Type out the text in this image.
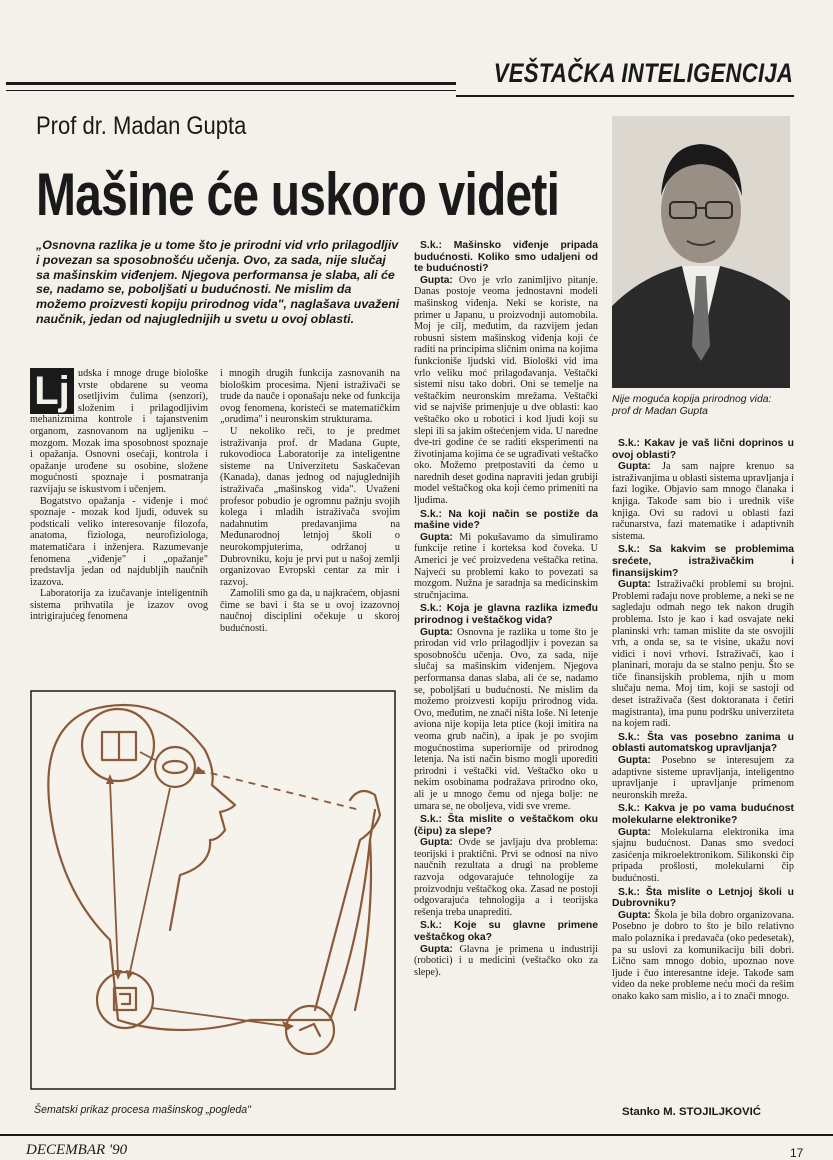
VEŠTAČKA INTELIGENCIJA
Prof dr. Madan Gupta
Mašine će uskoro videti
„Osnovna razlika je u tome što je prirodni vid vrlo prilagodljiv i povezan sa sposobnošću učenja. Ovo, za sada, nije slučaj sa mašinskim viđenjem. Njegova performansa je slaba, ali će se, nadamo se, poboljšati u budućnosti. Ne mislim da možemo proizvesti kopiju prirodnog vida", naglašava uvaženi naučnik, jedan od najuglednijih u svetu u ovoj oblasti.
Lj udska i mnoge druge biološke vrste obdarene su veoma osetljivim čulima (senzori), složenim i prilagodljivim mehanizmima kontrole i tajanstvenim organom, zasnovanom na ugljeniku – mozgom. Mozak ima sposobnost spoznaje i opažanja. Osnovni osećaji, kontrola i opažanje urođene su osobine, složene mogućnosti spoznaje i posmatranja razvijaju se iskustvom i učenjem.

Bogatstvo opažanja - viđenje i moć spoznaje - mozak kod ljudi, oduvek su podsticali veliko interesovanje filozofa, anatoma, fiziologa, neurofiziologa, matematičara i inženjera. Razumevanje fenomena „viđenje" i „opažanje" predstavlja jedan od najdubljih naučnih izazova.

Laboratorija za izučavanje inteligentnih sistema prihvatila je izazov ovog intrigirajućeg fenomena

i mnogih drugih funkcija zasnovanih na biološkim procesima. Njeni istraživači se trude da nauče i oponašaju neke od funkcija ovog fenomena, koristeći se matematičkim „orudima" i neuronskim strukturama.

U nekoliko reči, to je predmet istraživanja prof. dr Madana Gupte, rukovodioca Laboratorije za inteligentne sisteme na Univerzitetu Saskačevan (Kanada), danas jednog od najuglednijih istraživača „mašinskog vida". Uvaženi profesor pobudio je ogromnu pažnju svojih kolega i mladih istraživača svojim nadahnutim predavanjima na Međunarodnoj letnjoj školi o neurokompjuterima, održanoj u Dubrovniku, koju je prvi put u našoj zemlji organizovao Evropski centar za mir i razvoj.

Zamolili smo ga da, u najkraćem, objasni čime se bavi i šta se u ovoj izazovnoj naučnoj disciplini očekuje u skoroj budućnosti.

S.k.: Mašinsko viđenje pripada budućnosti. Koliko smo udaljeni od te budućnosti?

Gupta: Ovo je vrlo zanimljivo pitanje. Danas postoje veoma jednostavni modeli mašinskog viđenja. Neki se koriste, na primer u Japanu, u proizvodnji automobila. Moj je cilj, međutim, da razvijem jedan robusni sistem mašinskog viđenja koji će raditi na principima sličnim onima na kojima funkcioniše ljudski vid. Biološki vid ima vrlo veliku moć prilagođavanja. Veštački sistemi nisu tako dobri. Oni se temelje na veštačkim neuronskim mrežama. Veštački vid se najviše primenjuje u dve oblasti: kao veštačko oko u robotici i kod ljudi koji su slepi ili sa jakim oštećenjem vida. U naredne dve-tri godine će se raditi eksperimenti na životinjama kojima će se ugrađivati veštačko oko. Možemo pretpostaviti da ćemo u narednih deset godina napraviti jedan grubiji model veštačkog oka koji ćemo primeniti na ljudima.

S.k.: Na koji način se postiže da mašine vide?

Gupta: Mi pokušavamo da simuliramo funkcije retine i korteksa kod čoveka. U Americi je već proizvedena veštačka retina. Najveći su problemi kako to povezati sa mozgom. Nužna je saradnja sa medicinskim stručnjacima.

S.k.: Koja je glavna razlika između prirodnog i veštačkog vida?

Gupta: Osnovna je razlika u tome što je prirodan vid vrlo prilagodljiv i povezan sa sposobnošću učenja. Ovo, za sada, nije slučaj sa mašinskim viđenjem. Njegova performansa danas slaba, ali će se, nadamo se, poboljšati u budućnosti. Ne mislim da možemo proizvesti kopiju prirodnog vida. Ovo, međutim, ne znači ništa loše. Ni letenje aviona nije kopija leta ptice (koji imitira na veoma grub način), a ipak je po svojim mogućnostima superiornije od prirodnog letenja. Na isti način bismo mogli uporediti prirodni i veštački vid. Veštačko oko u nekim osobinama podražava prirodno oko, ali je u mnogo čemu od njega bolje: ne umara se, ne oboljeva, vidi sve vreme.

S.k.: Šta mislite o veštačkom oku (čipu) za slepe?

Gupta: Ovde se javljaju dva problema: teorijski i praktični. Prvi se odnosi na nivo naučnih rezultata a drugi na probleme razvoja odgovarajuće tehnologije za proizvodnju veštačkog oka. Zasad ne postoji odgovarajuća tehnologija a i teorijska rešenja treba unaprediti.

S.k.: Koje su glavne primene veštačkog oka?

Gupta: Glavna je primena u industriji (robotici) i u medicini (veštačko oko za slepe).

Nije moguća kopija prirodnog vida: prof dr Madan Gupta

S.k.: Kakav je vaš lični doprinos u ovoj oblasti?

Gupta: Ja sam najpre krenuo sa istraživanjima u oblasti sistema upravljanja i fazi logike. Objavio sam mnogo članaka i knjiga. Takođe sam bio i urednik više knjiga. Ovi su radovi u oblasti fazi računarstva, fazi matematike i adaptivnih sistema.

S.k.: Sa kakvim se problemima srećete, istraživačkim i finansijskim?

Gupta: Istraživački problemi su brojni. Problemi rađaju nove probleme, a neki se ne sagledaju odmah nego tek nakon drugih problema. Isto je kao i kad osvajate neki planinski vrh: taman mislite da ste osvojili vrh, a onda se, sa te visine, ukažu novi vidici i novi vrhovi. Istraživači, kao i planinari, moraju da se stalno penju. Što se tiče finansijskih problema, njih u mom slučaju nema. Moj tim, koji se sastoji od deset istraživača (šest doktoranata i četiri magistranta), ima punu podršku univerziteta na kojem radi.

S.k.: Šta vas posebno zanima u oblasti automatskog upravljanja?

Gupta: Posebno se interesujem za adaptivne sisteme upravljanja, inteligentno upravljanje i upravljanje primenom neuronskih mreža.

S.k.: Kakva je po vama budućnost molekularne elektronike?

Gupta: Molekularna elektronika ima sjajnu budućnost. Danas smo svedoci zasićenja mikroelektronikom. Silikonski čip pripada prošlosti, molekularni čip budućnosti.

S.k.: Šta mislite o Letnjoj školi u Dubrovniku?

Gupta: Škola je bila dobro organizovana. Posebno je dobro to što je bilo relativno malo polaznika i predavača (oko pedesetak), pa su uslovi za komunikaciju bili dobri. Lično sam mnogo dobio, upoznao nove ljude i čuo interesantne ideje. Takođe sam video da neke probleme neću moći da rešim onako kako sam mislio, a i to znači mnogo.

Šematski prikaz procesa mašinskog „pogleda"	Stanko M. STOJILJKOVIĆ
DECEMBAR '90	17
